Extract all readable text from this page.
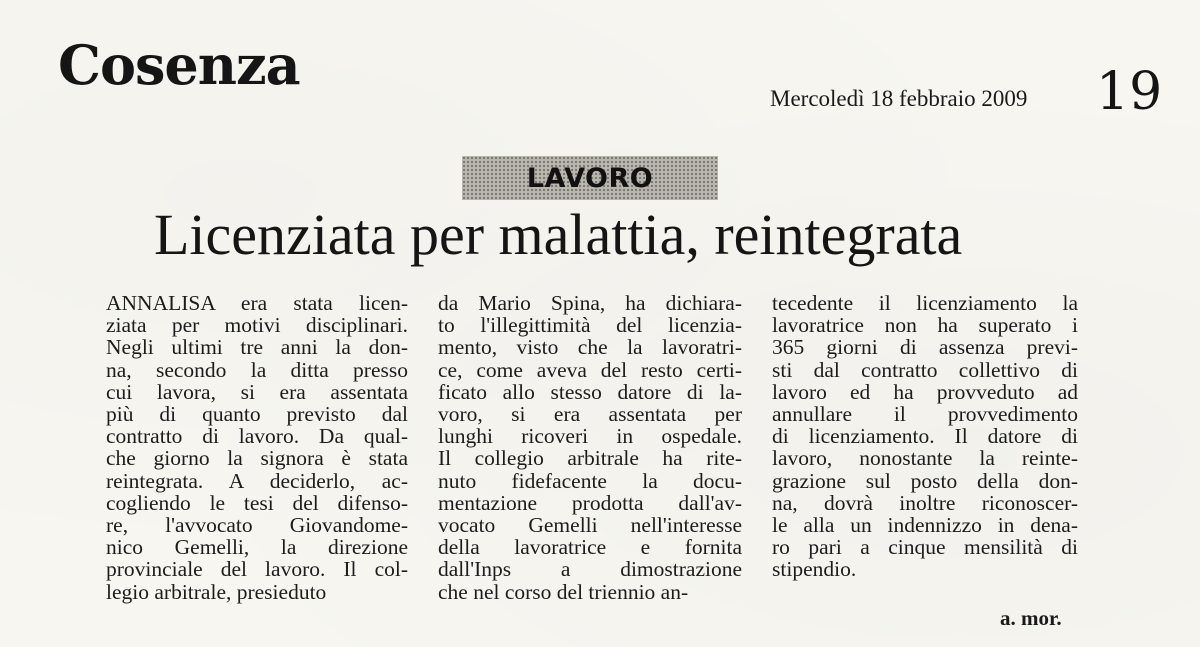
Cosenza
Mercoledì 18 febbraio 2009 19
LAVORO
Licenziata per malattia, reintegrata
ANNALISA era stata licen-
ziata per motivi disciplinari.
Negli ultimi tre anni la don-
na, secondo la ditta presso
cui lavora, si era assentata
più di quanto previsto dal
contratto di lavoro. Da qual-
che giorno la signora è stata
reintegrata. A deciderlo, ac-
cogliendo le tesi del difenso-
re, l'avvocato Giovandome-
nico Gemelli, la direzione
provinciale del lavoro. Il col-
legio arbitrale, presieduto
da Mario Spina, ha dichiara-
to l'illegittimità del licenzia-
mento, visto che la lavoratri-
ce, come aveva del resto certi-
ficato allo stesso datore di la-
voro, si era assentata per
lunghi ricoveri in ospedale.
Il collegio arbitrale ha rite-
nuto fidefacente la docu-
mentazione prodotta dall'av-
vocato Gemelli nell'interesse
della lavoratrice e fornita
dall'Inps a dimostrazione
che nel corso del triennio an-
tecedente il licenziamento la
lavoratrice non ha superato i
365 giorni di assenza previ-
sti dal contratto collettivo di
lavoro ed ha provveduto ad
annullare il provvedimento
di licenziamento. Il datore di
lavoro, nonostante la reinte-
grazione sul posto della don-
na, dovrà inoltre riconoscer-
le alla un indennizzo in dena-
ro pari a cinque mensilità di
stipendio.
a. mor.
